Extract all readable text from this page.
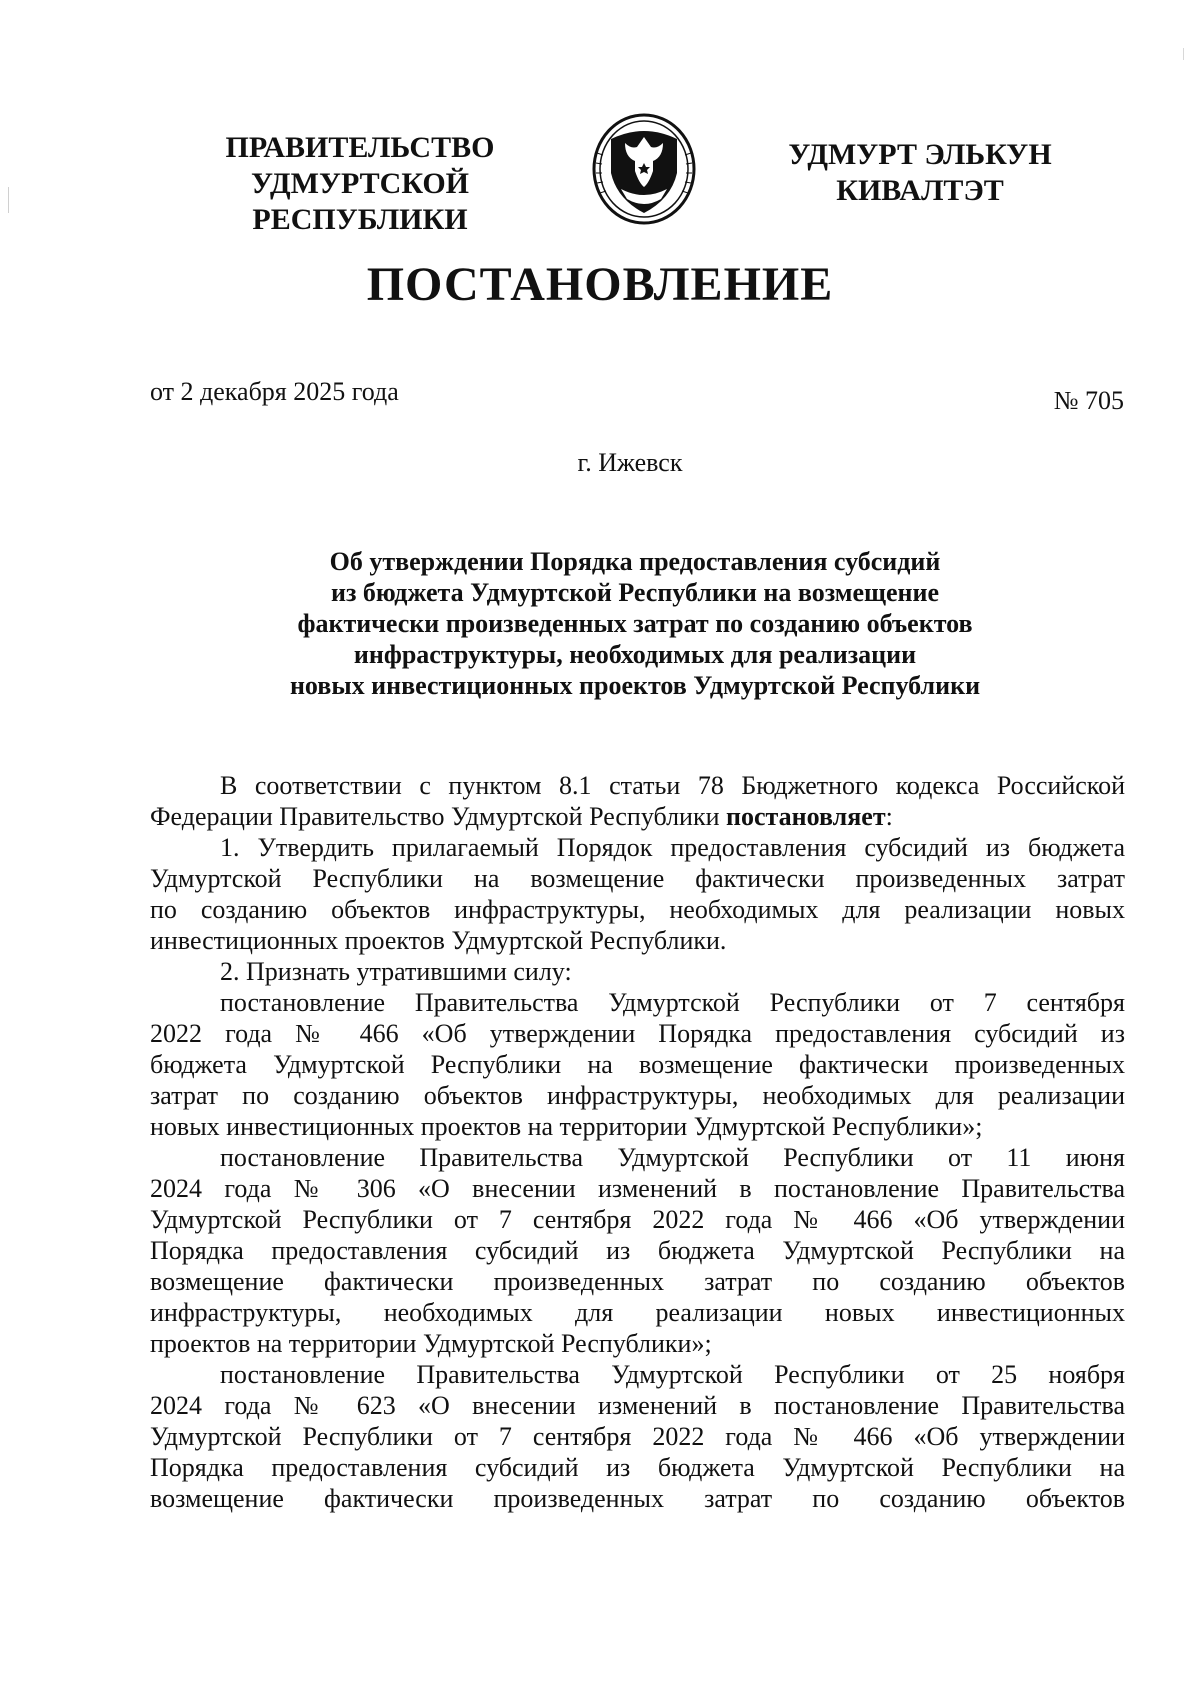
ПРАВИТЕЛЬСТВО
УДМУРТСКОЙ РЕСПУБЛИКИ
УДМУРТ ЭЛЬКУН
КИВАЛТЭТ
ПОСТАНОВЛЕНИЕ
от 2 декабря 2025 года	№ 705
г. Ижевск
Об утверждении Порядка предоставления субсидий
из бюджета Удмуртской Республики на возмещение
фактически произведенных затрат по созданию объектов
инфраструктуры, необходимых для реализации
новых инвестиционных проектов Удмуртской Республики
В соответствии с пунктом 8.1 статьи 78 Бюджетного кодекса Российской
Федерации Правительство Удмуртской Республики постановляет:
1. Утвердить прилагаемый Порядок предоставления субсидий из бюджета
Удмуртской Республики на возмещение фактически произведенных затрат
по созданию объектов инфраструктуры, необходимых для реализации новых
инвестиционных проектов Удмуртской Республики.
2. Признать утратившими силу:
постановление Правительства Удмуртской Республики от 7 сентября
2022 года № 466 «Об утверждении Порядка предоставления субсидий из
бюджета Удмуртской Республики на возмещение фактически произведенных
затрат по созданию объектов инфраструктуры, необходимых для реализации
новых инвестиционных проектов на территории Удмуртской Республики»;
постановление Правительства Удмуртской Республики от 11 июня
2024 года № 306 «О внесении изменений в постановление Правительства
Удмуртской Республики от 7 сентября 2022 года № 466 «Об утверждении
Порядка предоставления субсидий из бюджета Удмуртской Республики на
возмещение фактически произведенных затрат по созданию объектов
инфраструктуры, необходимых для реализации новых инвестиционных
проектов на территории Удмуртской Республики»;
постановление Правительства Удмуртской Республики от 25 ноября
2024 года № 623 «О внесении изменений в постановление Правительства
Удмуртской Республики от 7 сентября 2022 года № 466 «Об утверждении
Порядка предоставления субсидий из бюджета Удмуртской Республики на
возмещение фактически произведенных затрат по созданию объектов
